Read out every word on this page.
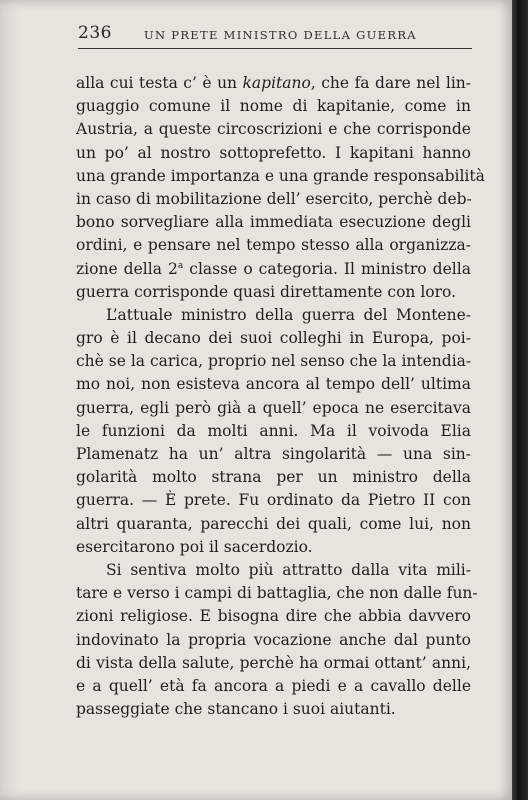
236	UN PRETE MINISTRO DELLA GUERRA
alla cui testa c’ è un kapitano, che fa dare nel lin-
guaggio comune il nome di kapitanie, come in
Austria, a queste circoscrizioni e che corrisponde
un po’ al nostro sottoprefetto. I kapitani hanno
una grande importanza e una grande responsabilità
in caso di mobilitazione dell’ esercito, perchè deb-
bono sorvegliare alla immediata esecuzione degli
ordini, e pensare nel tempo stesso alla organizza-
zione della 2$^a$ classe o categoria. Il ministro della
guerra corrisponde quasi direttamente con loro.
L’attuale ministro della guerra del Montene-
gro è il decano dei suoi colleghi in Europa, poi-
chè se la carica, proprio nel senso che la intendia-
mo noi, non esisteva ancora al tempo dell’ ultima
guerra, egli però già a quell’ epoca ne esercitava
le funzioni da molti anni. Ma il voivoda Elia
Plamenatz ha un’ altra singolarità — una sin-
golarità molto strana per un ministro della
guerra. — È prete. Fu ordinato da Pietro II con
altri quaranta, parecchi dei quali, come lui, non
esercitarono poi il sacerdozio.
Si sentiva molto più attratto dalla vita mili-
tare e verso i campi di battaglia, che non dalle fun-
zioni religiose. E bisogna dire che abbia davvero
indovinato la propria vocazione anche dal punto
di vista della salute, perchè ha ormai ottant’ anni,
e a quell’ età fa ancora a piedi e a cavallo delle
passeggiate che stancano i suoi aiutanti.
